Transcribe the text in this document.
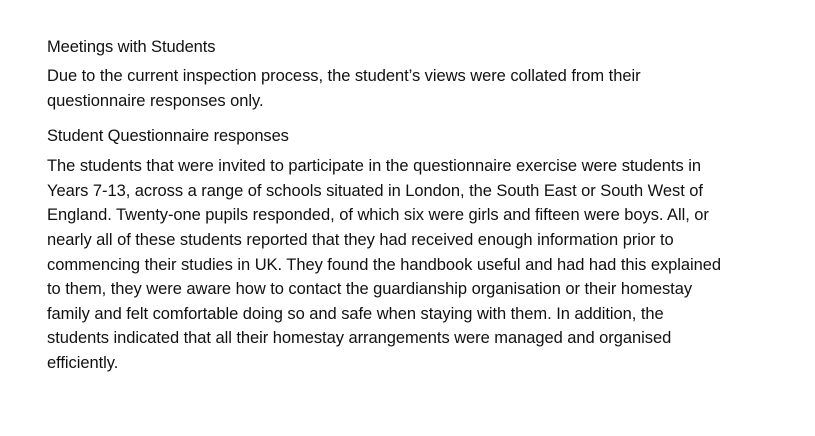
Meetings with Students

Due to the current inspection process, the student’s views were collated from their
questionnaire responses only.

Student Questionnaire responses

The students that were invited to participate in the questionnaire exercise were students in
Years 7-13, across a range of schools situated in London, the South East or South West of
England. Twenty-one pupils responded, of which six were girls and fifteen were boys. All, or
nearly all of these students reported that they had received enough information prior to
commencing their studies in UK. They found the handbook useful and had had this explained
to them, they were aware how to contact the guardianship organisation or their homestay
family and felt comfortable doing so and safe when staying with them. In addition, the
students indicated that all their homestay arrangements were managed and organised
efficiently.
